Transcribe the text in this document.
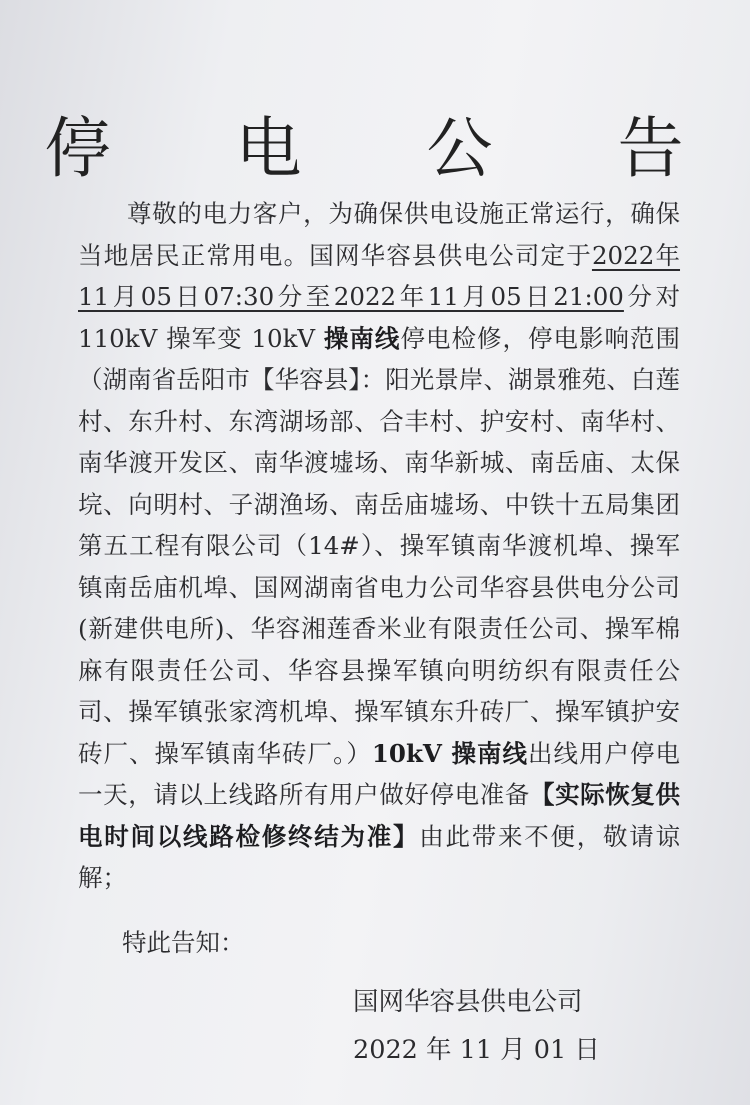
停 电 公 告

尊敬的电力客户，为确保供电设施正常运行，确保当地居民正常用电。国网华容县供电公司定于2022年11月05日07:30分至2022年11月05日21:00分对 110kV 操军变 10kV 操南线停电检修，停电影响范围（湖南省岳阳市【华容县】：阳光景岸、湖景雅苑、白莲村、东升村、东湾湖场部、合丰村、护安村、南华村、南华渡开发区、南华渡墟场、南华新城、南岳庙、太保垸、向明村、子湖渔场、南岳庙墟场、中铁十五局集团第五工程有限公司（14#）、操军镇南华渡机埠、操军镇南岳庙机埠、国网湖南省电力公司华容县供电分公司(新建供电所)、华容湘莲香米业有限责任公司、操军棉麻有限责任公司、华容县操军镇向明纺织有限责任公司、操军镇张家湾机埠、操军镇东升砖厂、操军镇护安砖厂、操军镇南华砖厂。）10kV 操南线出线用户停电一天，请以上线路所有用户做好停电准备【实际恢复供电时间以线路检修终结为准】由此带来不便，敬请谅解；

特此告知：
国网华容县供电公司
2022 年 11 月 01 日
